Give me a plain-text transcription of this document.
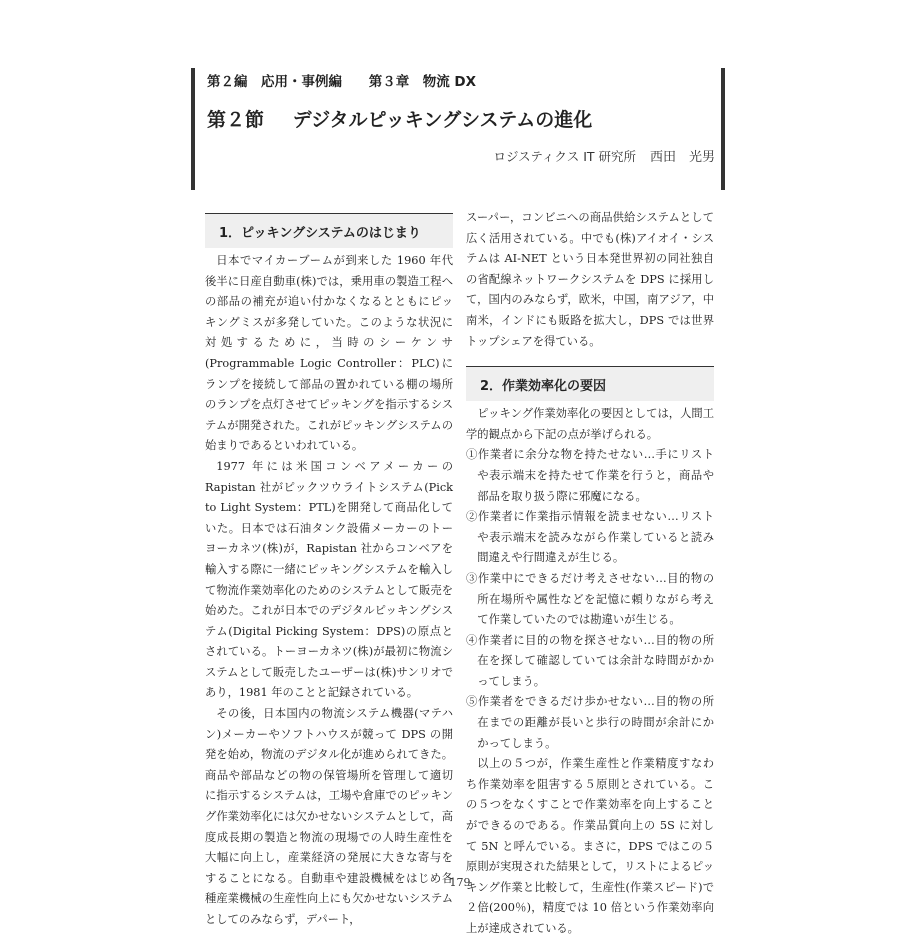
第２編　応用・事例編 第３章　物流 DX
第２節 デジタルピッキングシステムの進化
ロジスティクス IT 研究所 西田　光男
1．ピッキングシステムのはじまり

日本でマイカーブームが到来した 1960 年代後半に日産自動車(株)では，乗用車の製造工程への部品の補充が追い付かなくなるとともにピッキングミスが多発していた。このような状況に対処するために，当時のシーケンサ(Programmable Logic Controller：PLC)にランプを接続して部品の置かれている棚の場所のランプを点灯させてピッキングを指示するシステムが開発された。これがピッキングシステムの始まりであるといわれている。

1977 年には米国コンベアメーカーの Rapistan 社がピックツウライトシステム(Pick to Light System：PTL)を開発して商品化していた。日本では石油タンク設備メーカーのトーヨーカネツ(株)が，Rapistan 社からコンベアを輸入する際に一緒にピッキングシステムを輸入して物流作業効率化のためのシステムとして販売を始めた。これが日本でのデジタルピッキングシステム(Digital Picking System：DPS)の原点とされている。トーヨーカネツ(株)が最初に物流システムとして販売したユーザーは(株)サンリオであり，1981 年のことと記録されている。

その後，日本国内の物流システム機器(マテハン)メーカーやソフトハウスが競って DPS の開発を始め，物流のデジタル化が進められてきた。商品や部品などの物の保管場所を管理して適切に指示するシステムは，工場や倉庫でのピッキング作業効率化には欠かせないシステムとして，高度成長期の製造と物流の現場での人時生産性を大幅に向上し，産業経済の発展に大きな寄与をすることになる。自動車や建設機械をはじめ各種産業機械の生産性向上にも欠かせないシステムとしてのみならず，デパート，

スーパー，コンビニへの商品供給システムとして広く活用されている。中でも(株)アイオイ・システムは AI-NET という日本発世界初の同社独自の省配線ネットワークシステムを DPS に採用して，国内のみならず，欧米，中国，南アジア，中南米，インドにも販路を拡大し，DPS では世界トップシェアを得ている。

2．作業効率化の要因

ピッキング作業効率化の要因としては，人間工学的観点から下記の点が挙げられる。

①作業者に余分な物を持たせない…手にリストや表示端末を持たせて作業を行うと，商品や部品を取り扱う際に邪魔になる。

②作業者に作業指示情報を読ませない…リストや表示端末を読みながら作業していると読み間違えや行間違えが生じる。

③作業中にできるだけ考えさせない…目的物の所在場所や属性などを記憶に頼りながら考えて作業していたのでは勘違いが生じる。

④作業者に目的の物を探させない…目的物の所在を探して確認していては余計な時間がかかってしまう。

⑤作業者をできるだけ歩かせない…目的物の所在までの距離が長いと歩行の時間が余計にかかってしまう。

以上の５つが，作業生産性と作業精度すなわち作業効率を阻害する５原則とされている。この５つをなくすことで作業効率を向上することができるのである。作業品質向上の 5S に対して 5N と呼んでいる。まさに，DPS ではこの５原則が実現された結果として，リストによるピッキング作業と比較して，生産性(作業スピード)で２倍(200％)，精度では 10 倍という作業効率向上が達成されている。

179
